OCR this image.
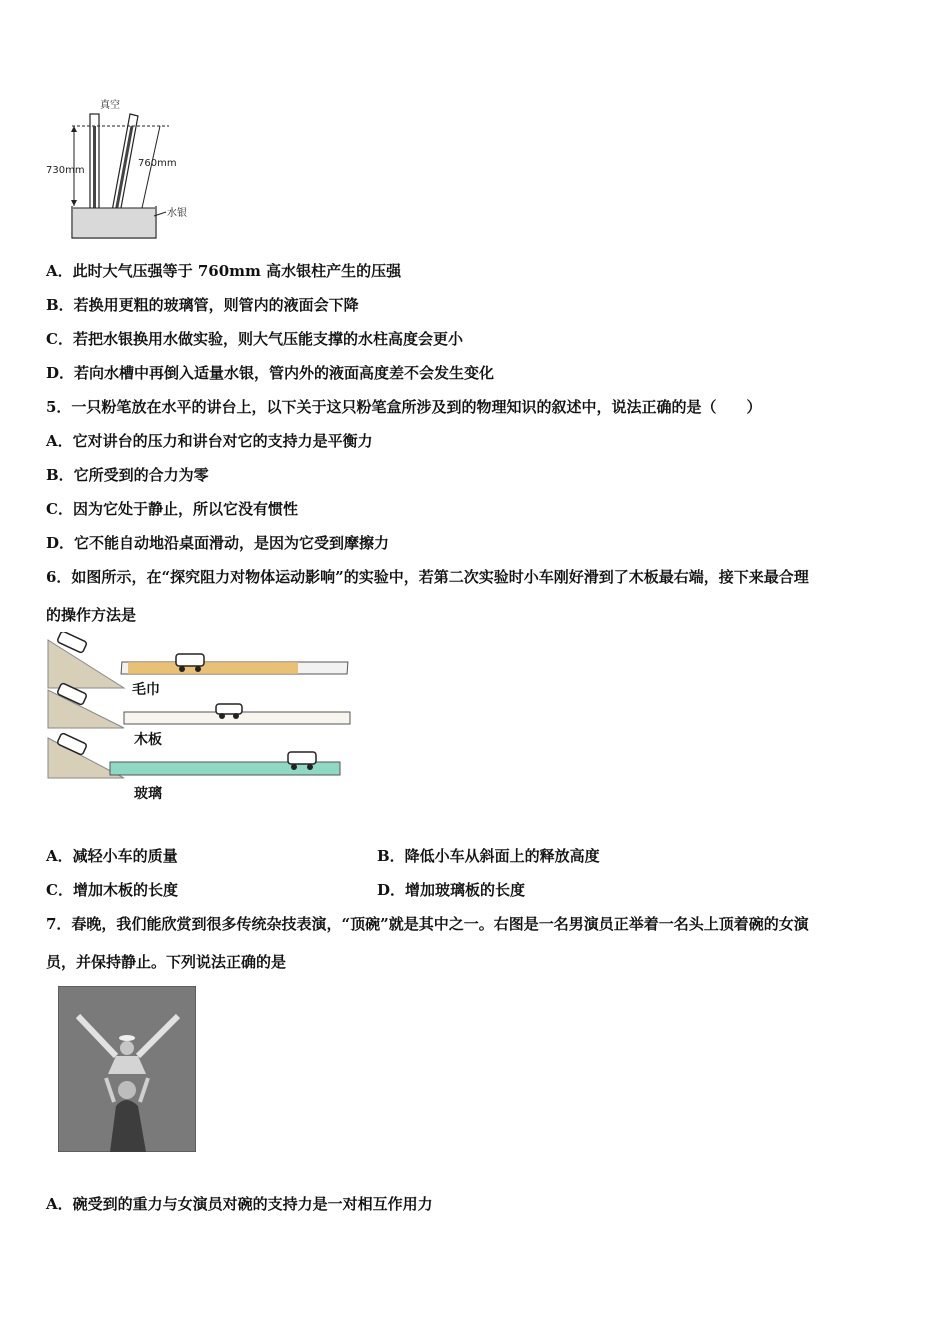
真空
730mm
760mm
水银
A．此时大气压强等于 760mm 高水银柱产生的压强
B．若换用更粗的玻璃管，则管内的液面会下降
C．若把水银换用水做实验，则大气压能支撑的水柱高度会更小
D．若向水槽中再倒入适量水银，管内外的液面高度差不会发生变化
5．一只粉笔放在水平的讲台上，以下关于这只粉笔盒所涉及到的物理知识的叙述中，说法正确的是（　　）
A．它对讲台的压力和讲台对它的支持力是平衡力
B．它所受到的合力为零
C．因为它处于静止，所以它没有惯性
D．它不能自动地沿桌面滑动，是因为它受到摩擦力
6．如图所示，在“探究阻力对物体运动影响”的实验中，若第二次实验时小车刚好滑到了木板最右端，接下来最合理
的操作方法是
毛巾
木板
玻璃
A．减轻小车的质量	B．降低小车从斜面上的释放高度
C．增加木板的长度	D．增加玻璃板的长度
7．春晚，我们能欣赏到很多传统杂技表演，“顶碗”就是其中之一。右图是一名男演员正举着一名头上顶着碗的女演
员，并保持静止。下列说法正确的是
A．碗受到的重力与女演员对碗的支持力是一对相互作用力
